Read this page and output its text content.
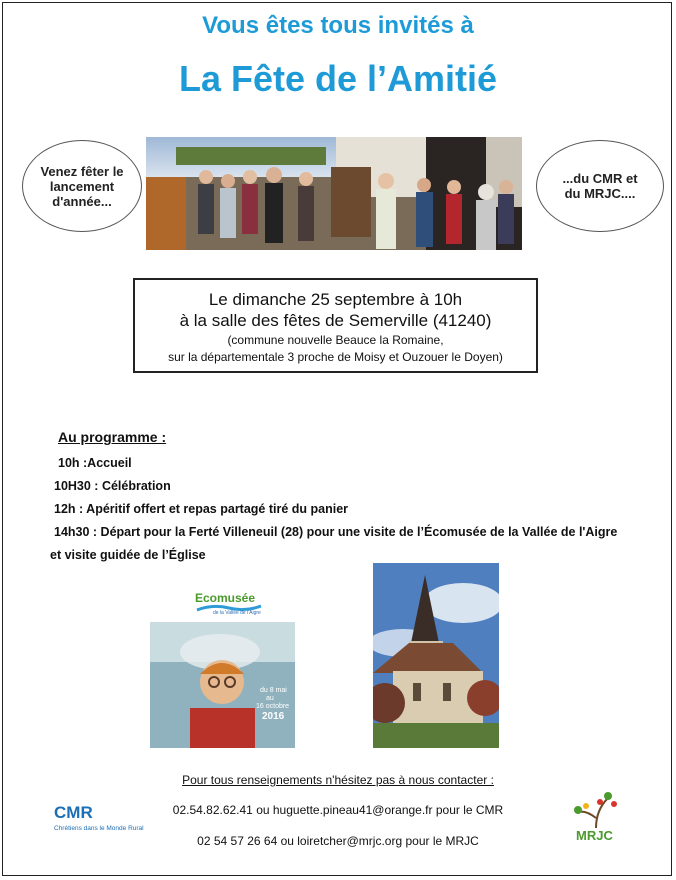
Vous êtes tous invités à
La Fête de l’Amitié
Venez fêter le
lancement
d'année...
...du CMR et
du MRJC....
Le dimanche 25 septembre à 10h
à la salle des fêtes de Semerville (41240)
(commune nouvelle Beauce la Romaine,
sur la départementale 3 proche de Moisy et Ouzouer le Doyen)
Au programme :
10h :Accueil
10H30 : Célébration
12h : Apéritif offert et repas partagé tiré du panier
14h30 : Départ pour la Ferté Villeneuil (28) pour une visite de l’Écomusée de la Vallée de l'Aigre
et visite guidée de l’Église
Ecomusée
de la Vallée de l'Aigre
du 8 mai
au
16 octobre
2016
Pour tous renseignements n'hésitez pas à nous contacter :
02.54.82.62.41 ou huguette.pineau41@orange.fr pour le CMR
02 54 57 26 64 ou loiretcher@mrjc.org pour le MRJC
CMR
Chrétiens dans le Monde Rural	MRJC
